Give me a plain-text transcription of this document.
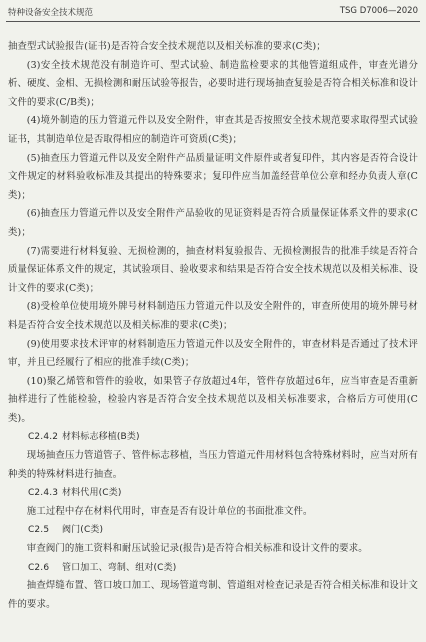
特种设备安全技术规范	TSG D7006—2020

抽查型式试验报告(证书)是否符合安全技术规范以及相关标准的要求(C类)；

(3)安全技术规范没有制造许可、型式试验、制造监检要求的其他管道组成件，审查光谱分析、硬度、金相、无损检测和耐压试验等报告，必要时进行现场抽查复验是否符合相关标准和设计文件的要求(C/B类)；

(4)境外制造的压力管道元件以及安全附件，审查其是否按照安全技术规范要求取得型式试验证书，其制造单位是否取得相应的制造许可资质(C类)；

(5)抽查压力管道元件以及安全附件产品质量证明文件原件或者复印件，其内容是否符合设计文件规定的材料验收标准及其提出的特殊要求；复印件应当加盖经营单位公章和经办负责人章(C类)；

(6)抽查压力管道元件以及安全附件产品验收的见证资料是否符合质量保证体系文件的要求(C类)；

(7)需要进行材料复验、无损检测的，抽查材料复验报告、无损检测报告的批准手续是否符合质量保证体系文件的规定，其试验项目、验收要求和结果是否符合安全技术规范以及相关标准、设计文件的要求(C类)；

(8)受检单位使用境外牌号材料制造压力管道元件以及安全附件的，审查所使用的境外牌号材料是否符合安全技术规范以及相关标准的要求(C类)；

(9)使用要求技术评审的材料制造压力管道元件以及安全附件的，审查材料是否通过了技术评审，并且已经履行了相应的批准手续(C类)；

(10)聚乙烯管和管件的验收，如果管子存放超过4年，管件存放超过6年，应当审查是否重新抽样进行了性能检验，检验内容是否符合安全技术规范以及相关标准要求，合格后方可使用(C类)。

C2.4.2 材料标志移植(B类)

现场抽查压力管道管子、管件标志移植，当压力管道元件用材料包含特殊材料时，应当对所有种类的特殊材料进行抽查。

C2.4.3 材料代用(C类)

施工过程中存在材料代用时，审查是否有设计单位的书面批准文件。

C2.5 阀门(C类)

审查阀门的施工资料和耐压试验记录(报告)是否符合相关标准和设计文件的要求。

C2.6 管口加工、弯制、组对(C类)

抽查焊缝布置、管口坡口加工、现场管道弯制、管道组对检查记录是否符合相关标准和设计文件的要求。
